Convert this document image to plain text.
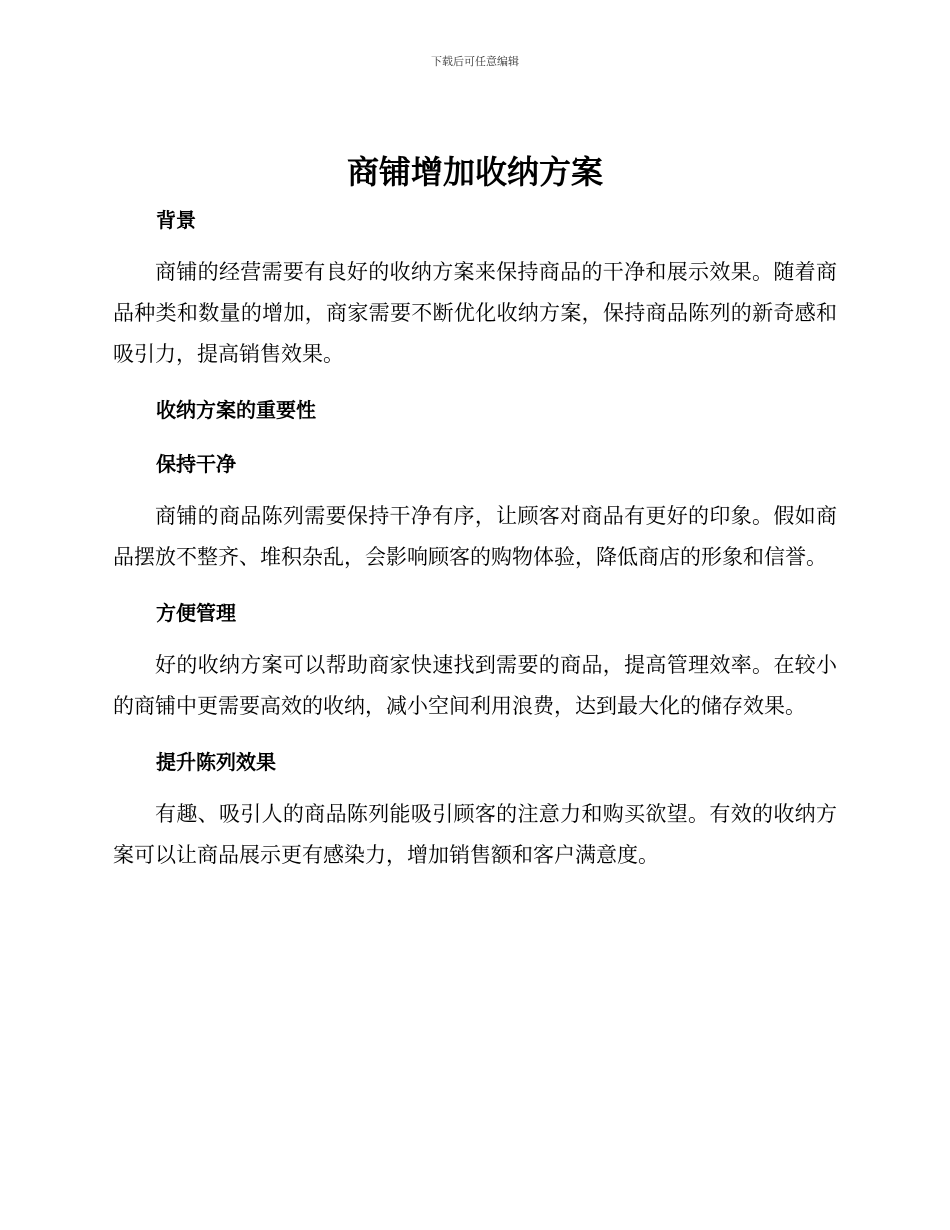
下载后可任意编辑
商铺增加收纳方案
背景

商铺的经营需要有良好的收纳方案来保持商品的干净和展示效果。随着商品种类和数量的增加，商家需要不断优化收纳方案，保持商品陈列的新奇感和吸引力，提高销售效果。

收纳方案的重要性
保持干净

商铺的商品陈列需要保持干净有序，让顾客对商品有更好的印象。假如商品摆放不整齐、堆积杂乱，会影响顾客的购物体验，降低商店的形象和信誉。

方便管理

好的收纳方案可以帮助商家快速找到需要的商品，提高管理效率。在较小的商铺中更需要高效的收纳，减小空间利用浪费，达到最大化的储存效果。

提升陈列效果

有趣、吸引人的商品陈列能吸引顾客的注意力和购买欲望。有效的收纳方案可以让商品展示更有感染力，增加销售额和客户满意度。
